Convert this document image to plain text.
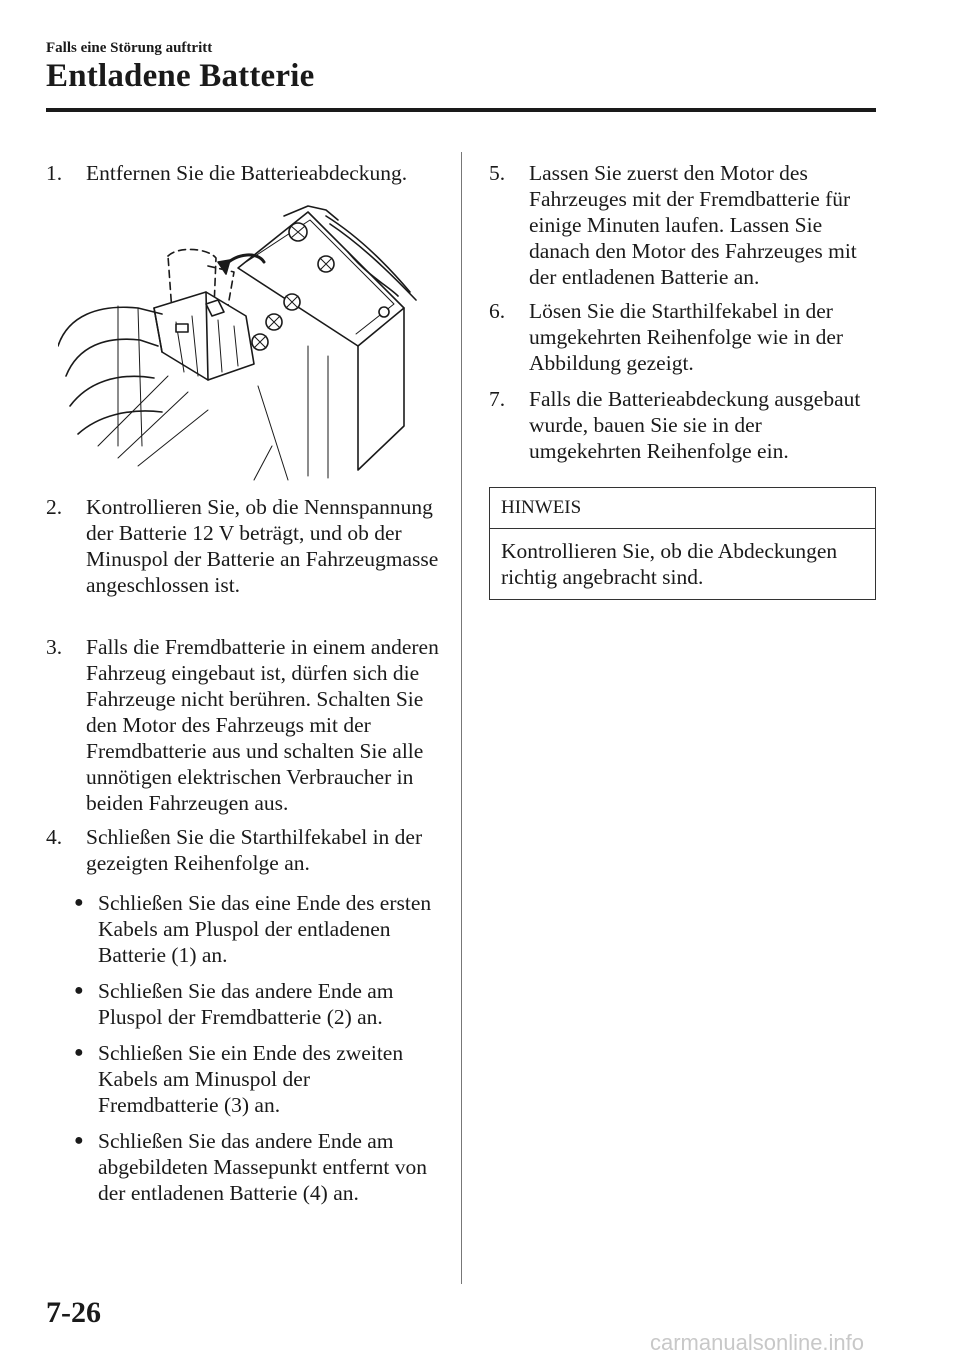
Falls eine Störung auftritt
Entladene Batterie
1. Entfernen Sie die Batterieabdeckung.
2. Kontrollieren Sie, ob die Nennspannung der Batterie 12 V beträgt, und ob der Minuspol der Batterie an Fahrzeugmasse angeschlossen ist.
3. Falls die Fremdbatterie in einem anderen Fahrzeug eingebaut ist, dürfen sich die Fahrzeuge nicht berühren. Schalten Sie den Motor des Fahrzeugs mit der Fremdbatterie aus und schalten Sie alle unnötigen elektrischen Verbraucher in beiden Fahrzeugen aus.
4. Schließen Sie die Starthilfekabel in der gezeigten Reihenfolge an.
● Schließen Sie das eine Ende des ersten Kabels am Pluspol der entladenen Batterie (1) an.
● Schließen Sie das andere Ende am Pluspol der Fremdbatterie (2) an.
● Schließen Sie ein Ende des zweiten Kabels am Minuspol der Fremdbatterie (3) an.
● Schließen Sie das andere Ende am abgebildeten Massepunkt entfernt von der entladenen Batterie (4) an.
5. Lassen Sie zuerst den Motor des Fahrzeuges mit der Fremdbatterie für einige Minuten laufen. Lassen Sie danach den Motor des Fahrzeuges mit der entladenen Batterie an.
6. Lösen Sie die Starthilfekabel in der umgekehrten Reihenfolge wie in der Abbildung gezeigt.
7. Falls die Batterieabdeckung ausgebaut wurde, bauen Sie sie in der umgekehrten Reihenfolge ein.
HINWEIS
Kontrollieren Sie, ob die Abdeckungen richtig angebracht sind.
7-26
carmanualsonline.info
